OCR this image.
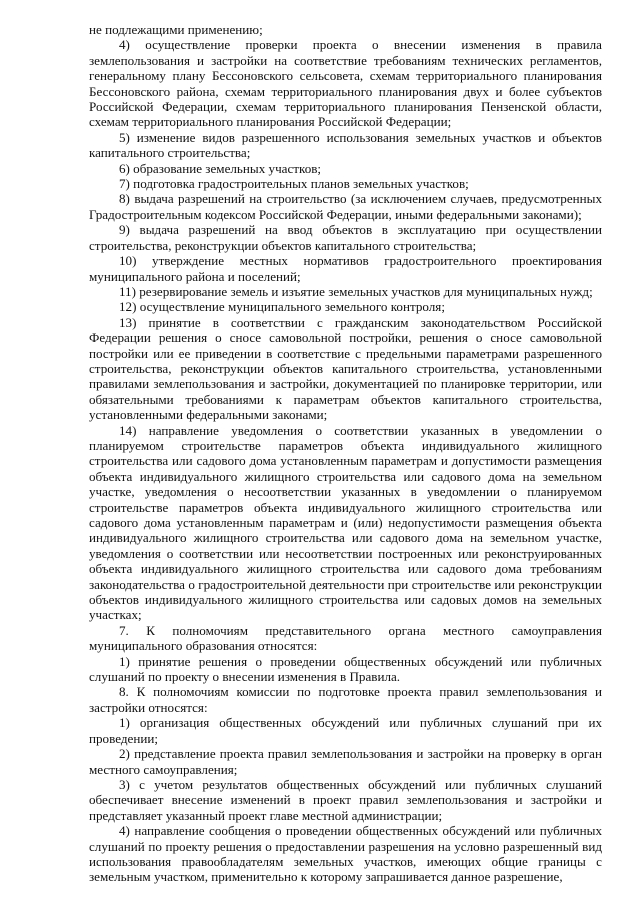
не подлежащими применению;

4) осуществление проверки проекта о внесении изменения в правила землепользования и застройки на соответствие требованиям технических регламентов, генеральному плану Бессоновского сельсовета, схемам территориального планирования Бессоновского района, схемам территориального планирования двух и более субъектов Российской Федерации, схемам территориального планирования Пензенской области, схемам территориального планирования Российской Федерации;

5) изменение видов разрешенного использования земельных участков и объектов капитального строительства;

6) образование земельных участков;

7) подготовка градостроительных планов земельных участков;

8) выдача разрешений на строительство (за исключением случаев, предусмотренных Градостроительным кодексом Российской Федерации, иными федеральными законами);

9) выдача разрешений на ввод объектов в эксплуатацию при осуществлении строительства, реконструкции объектов капитального строительства;

10) утверждение местных нормативов градостроительного проектирования муниципального района и поселений;

11) резервирование земель и изъятие земельных участков для муниципальных нужд;

12) осуществление муниципального земельного контроля;

13) принятие в соответствии с гражданским законодательством Российской Федерации решения о сносе самовольной постройки, решения о сносе самовольной постройки или ее приведении в соответствие с предельными параметрами разрешенного строительства, реконструкции объектов капитального строительства, установленными правилами землепользования и застройки, документацией по планировке территории, или обязательными требованиями к параметрам объектов капитального строительства, установленными федеральными законами;

14) направление уведомления о соответствии указанных в уведомлении о планируемом строительстве параметров объекта индивидуального жилищного строительства или садового дома установленным параметрам и допустимости размещения объекта индивидуального жилищного строительства или садового дома на земельном участке, уведомления о несоответствии указанных в уведомлении о планируемом строительстве параметров объекта индивидуального жилищного строительства или садового дома установленным параметрам и (или) недопустимости размещения объекта индивидуального жилищного строительства или садового дома на земельном участке, уведомления о соответствии или несоответствии построенных или реконструированных объекта индивидуального жилищного строительства или садового дома требованиям законодательства о градостроительной деятельности при строительстве или реконструкции объектов индивидуального жилищного строительства или садовых домов на земельных участках;

7. К полномочиям представительного органа местного самоуправления муниципального образования относятся:

1) принятие решения о проведении общественных обсуждений или публичных слушаний по проекту о внесении изменения в Правила.

8. К полномочиям комиссии по подготовке проекта правил землепользования и застройки относятся:

1) организация общественных обсуждений или публичных слушаний при их проведении;

2) представление проекта правил землепользования и застройки на проверку в орган местного самоуправления;

3) с учетом результатов общественных обсуждений или публичных слушаний обеспечивает внесение изменений в проект правил землепользования и застройки и представляет указанный проект главе местной администрации;

4) направление сообщения о проведении общественных обсуждений или публичных слушаний по проекту решения о предоставлении разрешения на условно разрешенный вид использования правообладателям земельных участков, имеющих общие границы с земельным участком, применительно к которому запрашивается данное разрешение,
